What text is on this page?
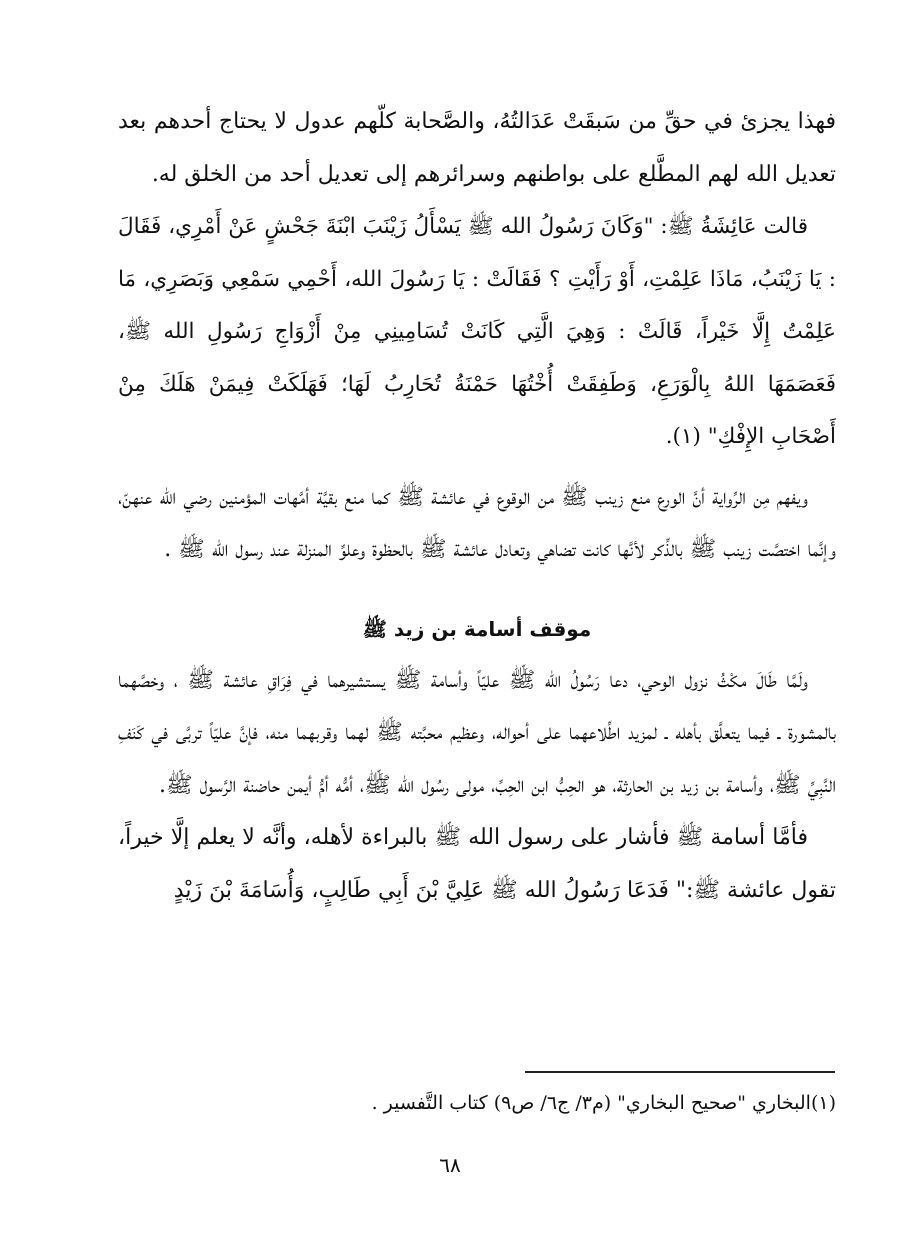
فهذا يجزئ في حقِّ من سَبقَتْ عَدَالتُهُ، والصَّحابة كلّهم عدول لا يحتاج أحدهم بعد تعديل الله لهم المطَّلع على بواطنهم وسرائرهم إلى تعديل أحد من الخلق له.

قالت عَائِشَةُ ﷺ: "وَكَانَ رَسُولُ الله ﷺ يَسْأَلُ زَيْنَبَ ابْنَةَ جَحْشٍ عَنْ أَمْرِي، فَقَالَ : يَا زَيْنَبُ، مَاذَا عَلِمْتِ، أَوْ رَأَيْتِ ؟ فَقَالَتْ : يَا رَسُولَ الله، أَحْمِي سَمْعِي وَبَصَرِي، مَا عَلِمْتُ إِلَّا خَيْراً، قَالَتْ : وَهِيَ الَّتِي كَانَتْ تُسَامِينِي مِنْ أَزْوَاجِ رَسُولِ الله ﷺ، فَعَصَمَهَا اللهُ بِالْوَرَعِ، وَطَفِقَتْ أُخْتُهَا حَمْنَةُ تُحَارِبُ لَهَا؛ فَهَلَكَتْ فِيمَنْ هَلَكَ مِنْ أَصْحَابِ الإِفْكِ" (١).

ويفهم مِن الرِّواية أنَّ الورع منع زينب ﷺ من الوقوع في عائشة ﷺ كما منع بقيَّة أمَّهات المؤمنين رضي الله عنهنّ، وإنَّما اختصَّت زينب ﷺ بالذِّكر لأنَّها كانت تضاهي وتعادل عائشة ﷺ بالحظوة وعلوِّ المنزلة عند رسول الله ﷺ .

موقف أسامة بن زيد ﷺ

ولَمَّا طَالَ مكْثُ نزول الوحي، دعا رَسُولُ الله ﷺ عليّاً وأسامة ﷺ يستشيرهما في فِرَاقِ عائشة ﷺ ، وخصَّهما بالمشورة ـ فيما يتعلَّق بأهله ـ لمزيد اطِّلاعهما على أحواله، وعظيم محبَّته ﷺ لهما وقربهما منه، فإنَّ عليّاً تربَّى في كَنَفِ النَّبِيِّ ﷺ، وأسامة بن زيد بن الحارثة، هو الحِبُّ ابن الحِبِّ، مولى رسُول الله ﷺ، أمُّه أمُّ أيمن حاضنة الرَّسول ﷺ.

فأمَّا أسامة ﷺ فأشار على رسول الله ﷺ بالبراءة لأهله، وأنَّه لا يعلم إلَّا خيراً، تقول عائشة ﷺ:" فَدَعَا رَسُولُ الله ﷺ عَلِيَّ بْنَ أَبِي طَالِبٍ، وَأُسَامَةَ بْنَ زَيْدٍ

(١)البخاري "صحيح البخاري" (م٣/ ج٦/ ص٩) كتاب التَّفسير .
٦٨
